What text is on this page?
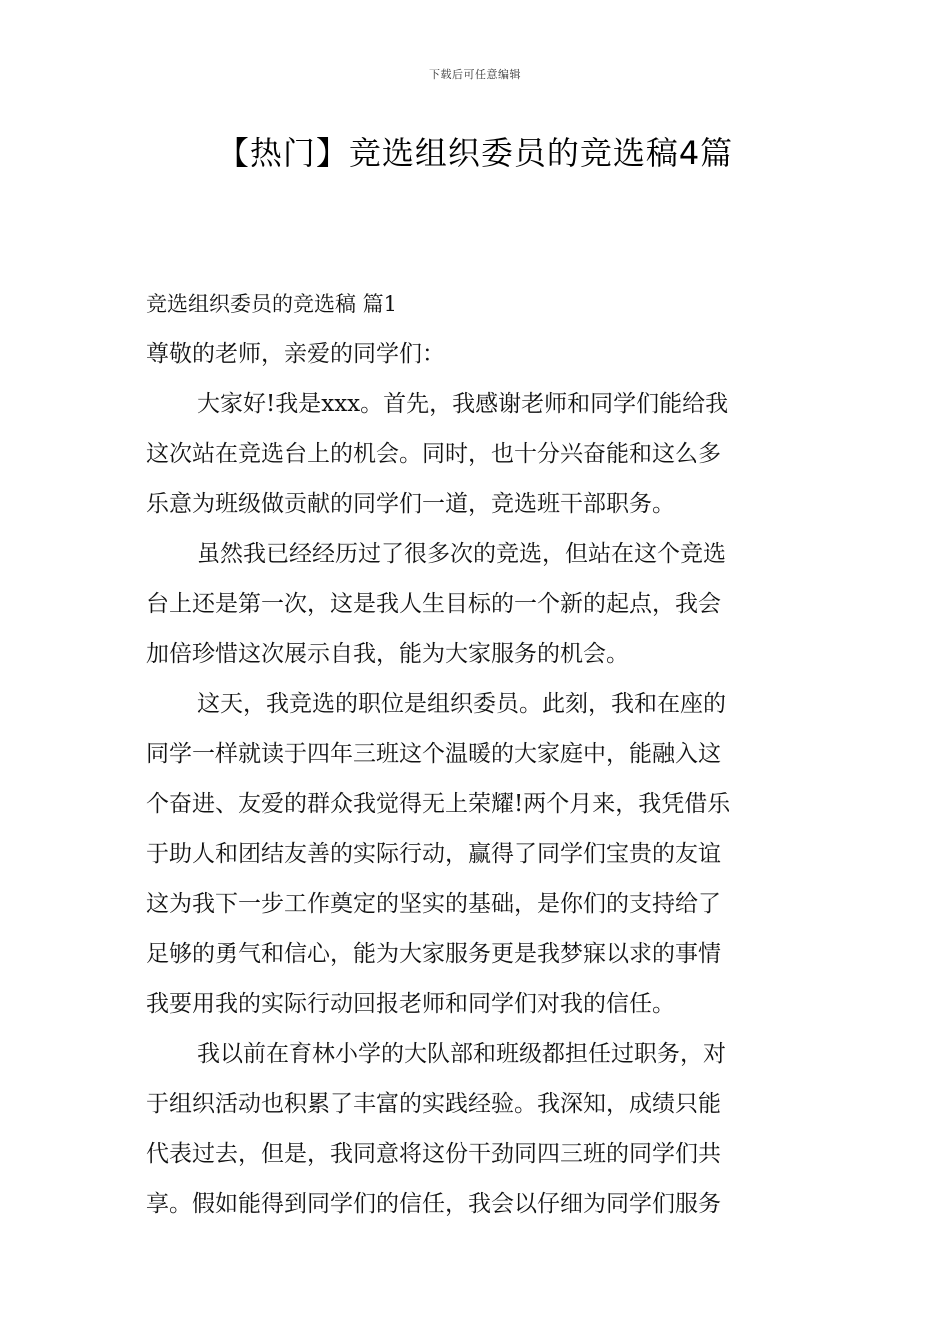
下载后可任意编辑
【热门】竞选组织委员的竞选稿4篇
竞选组织委员的竞选稿 篇1
尊敬的老师，亲爱的同学们：
大家好!我是xxx。首先，我感谢老师和同学们能给我
这次站在竞选台上的机会。同时，也十分兴奋能和这么多
乐意为班级做贡献的同学们一道，竞选班干部职务。
虽然我已经经历过了很多次的竞选，但站在这个竞选
台上还是第一次，这是我人生目标的一个新的起点，我会
加倍珍惜这次展示自我，能为大家服务的机会。
这天，我竞选的职位是组织委员。此刻，我和在座的
同学一样就读于四年三班这个温暖的大家庭中，能融入这
个奋进、友爱的群众我觉得无上荣耀!两个月来，我凭借乐
于助人和团结友善的实际行动，赢得了同学们宝贵的友谊
这为我下一步工作奠定的坚实的基础，是你们的支持给了
足够的勇气和信心，能为大家服务更是我梦寐以求的事情
我要用我的实际行动回报老师和同学们对我的信任。
我以前在育林小学的大队部和班级都担任过职务，对
于组织活动也积累了丰富的实践经验。我深知，成绩只能
代表过去，但是，我同意将这份干劲同四三班的同学们共
享。假如能得到同学们的信任，我会以仔细为同学们服务
